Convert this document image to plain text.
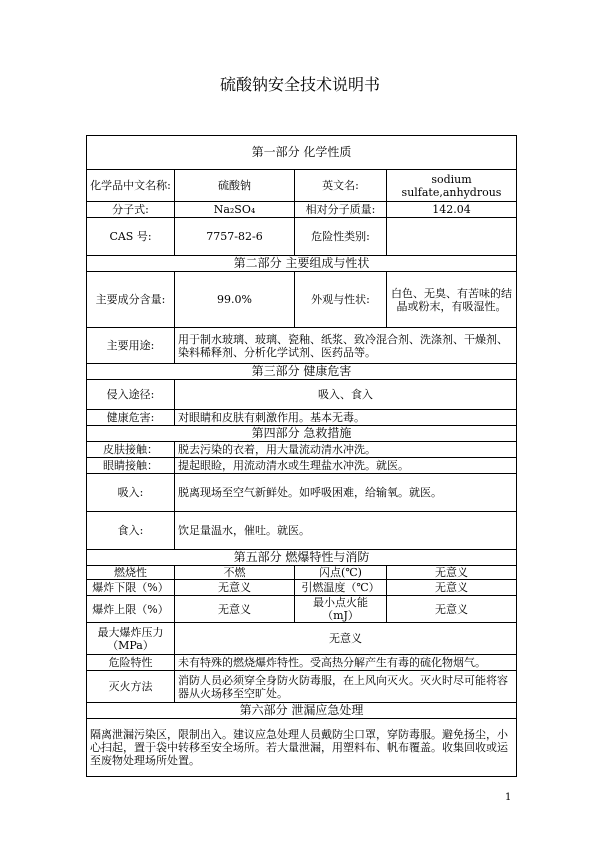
硫酸钠安全技术说明书
第一部分 化学性质			
化学品中文名称:	硫酸钠	英文名:	sodium sulfate,anhydrous
分子式:	Na₂SO₄	相对分子质量:	142.04
CAS 号:	7757-82-6	危险性类别:	
第二部分 主要组成与性状			
主要成分含量:	99.0%	外观与性状:	白色、无臭、有苦味的结晶或粉末，有吸湿性。
主要用途:	用于制水玻璃、玻璃、瓷釉、纸浆、致冷混合剂、洗涤剂、干燥剂、染料稀释剂、分析化学试剂、医药品等。		
第三部分 健康危害			
侵入途径:	吸入、食入		
健康危害:	对眼睛和皮肤有刺激作用。基本无毒。		
第四部分 急救措施			
皮肤接触：	脱去污染的衣着，用大量流动清水冲洗。		
眼睛接触：	提起眼睑，用流动清水或生理盐水冲洗。就医。		
吸入:	脱离现场至空气新鲜处。如呼吸困难，给输氧。就医。		
食入:	饮足量温水，催吐。就医。		
第五部分 燃爆特性与消防			
燃烧性	不燃	闪点(℃)	无意义
爆炸下限（%）	无意义	引燃温度（℃）	无意义
爆炸上限（%）	无意义	最小点火能（mJ）	无意义
最大爆炸压力（MPa）	无意义		
危险特性	未有特殊的燃烧爆炸特性。受高热分解产生有毒的硫化物烟气。		
灭火方法	消防人员必须穿全身防火防毒服，在上风向灭火。灭火时尽可能将容器从火场移至空旷处。		
第六部分 泄漏应急处理			
隔离泄漏污染区，限制出入。建议应急处理人员戴防尘口罩，穿防毒服。避免扬尘，小心扫起，置于袋中转移至安全场所。若大量泄漏，用塑料布、帆布覆盖。收集回收或运至废物处理场所处置。			
1
